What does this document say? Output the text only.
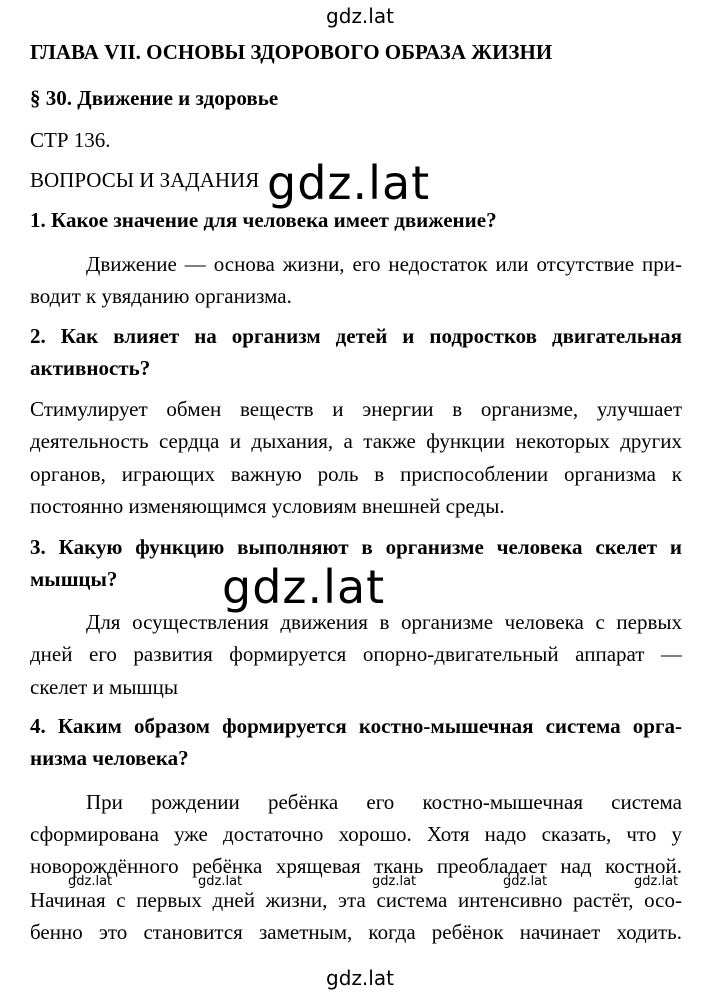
gdz.lat
gdz.lat
gdz.lat
gdz.lat	gdz.lat	gdz.lat	gdz.lat	gdz.lat
gdz.lat
ГЛАВА VII. ОСНОВЫ ЗДОРОВОГО ОБРАЗА ЖИЗНИ
§ 30. Движение и здоровье
СТР 136.
ВОПРОСЫ И ЗАДАНИЯ
1. Какое значение для человека имеет движение?
Движение — основа жизни, его недостаток или отсутствие при-
водит к увяданию организма.
2. Как влияет на организм детей и подростков двигательная
активность?
Стимулирует обмен веществ и энергии в организме, улучшает
деятельность сердца и дыхания, а также функции некоторых других
органов, играющих важную роль в приспособлении организма к
постоянно изменяющимся условиям внешней среды.
3. Какую функцию выполняют в организме человека скелет и
мышцы?
Для осуществления движения в организме человека с первых
дней его развития формируется опорно-двигательный аппарат —
скелет и мышцы
4. Каким образом формируется костно-мышечная система орга-
низма человека?
При рождении ребёнка его костно-мышечная система
сформирована уже достаточно хорошо. Хотя надо сказать, что у
новорождённого ребёнка хрящевая ткань преобладает над костной.
Начиная с первых дней жизни, эта система интенсивно растёт, осо-
бенно это становится заметным, когда ребёнок начинает ходить.
